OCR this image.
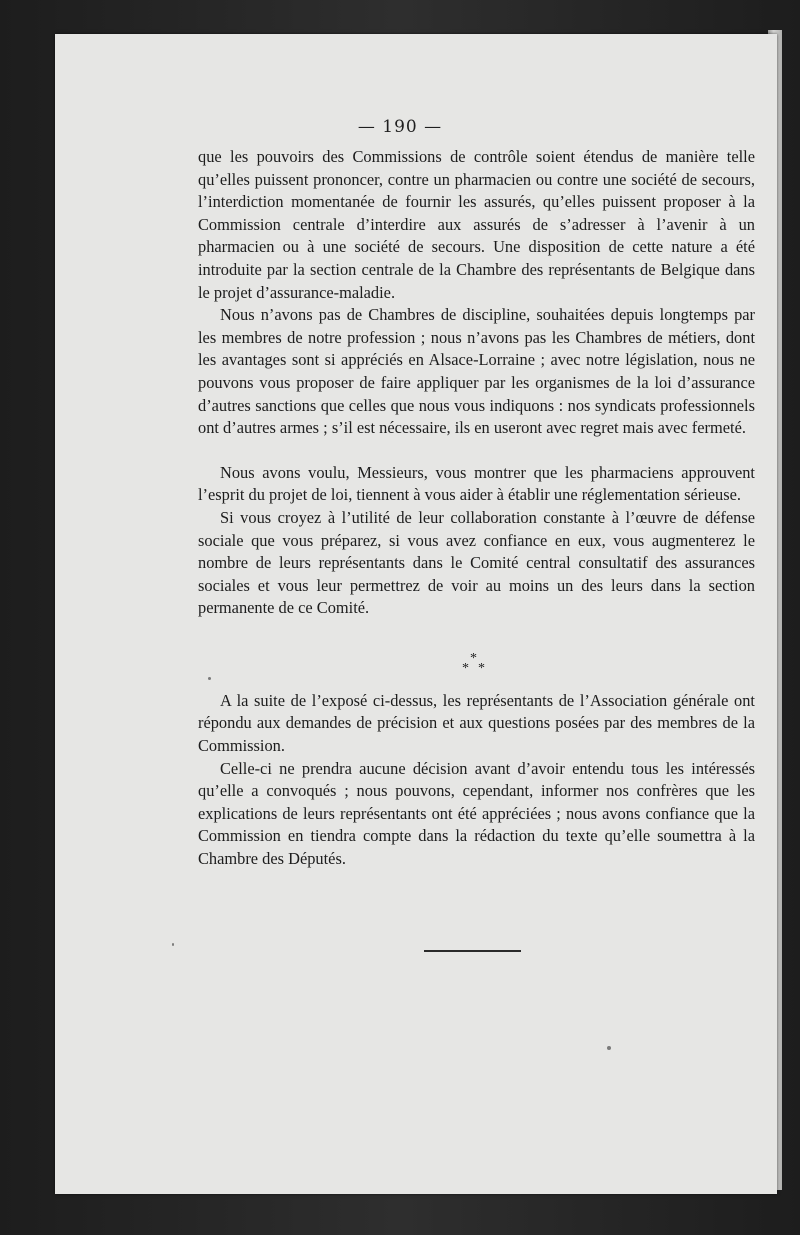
— 190 —

que les pouvoirs des Commissions de contrôle soient étendus de manière telle qu’elles puissent prononcer, contre un pharmacien ou contre une société de secours, l’interdiction momentanée de fournir les assurés, qu’elles puissent proposer à la Commission centrale d’interdire aux assurés de s’adresser à l’avenir à un pharmacien ou à une société de secours. Une disposition de cette nature a été introduite par la section centrale de la Chambre des représentants de Belgique dans le projet d’assurance-maladie.

Nous n’avons pas de Chambres de discipline, souhaitées depuis longtemps par les membres de notre profession ; nous n’avons pas les Chambres de métiers, dont les avantages sont si appréciés en Alsace-Lorraine ; avec notre législation, nous ne pouvons vous proposer de faire appliquer par les organismes de la loi d’assurance d’autres sanctions que celles que nous vous indiquons : nos syndicats professionnels ont d’autres armes ; s’il est nécessaire, ils en useront avec regret mais avec fermeté.

Nous avons voulu, Messieurs, vous montrer que les pharmaciens approuvent l’esprit du projet de loi, tiennent à vous aider à établir une réglementation sérieuse.

Si vous croyez à l’utilité de leur collaboration constante à l’œuvre de défense sociale que vous préparez, si vous avez confiance en eux, vous augmenterez le nombre de leurs représentants dans le Comité central consultatif des assurances sociales et vous leur permettrez de voir au moins un des leurs dans la section permanente de ce Comité.

*
* *

A la suite de l’exposé ci-dessus, les représentants de l’Association générale ont répondu aux demandes de précision et aux questions posées par des membres de la Commission.

Celle-ci ne prendra aucune décision avant d’avoir entendu tous les intéressés qu’elle a convoqués ; nous pouvons, cependant, informer nos confrères que les explications de leurs représentants ont été appréciées ; nous avons confiance que la Commission en tiendra compte dans la rédaction du texte qu’elle soumettra à la Chambre des Députés.
